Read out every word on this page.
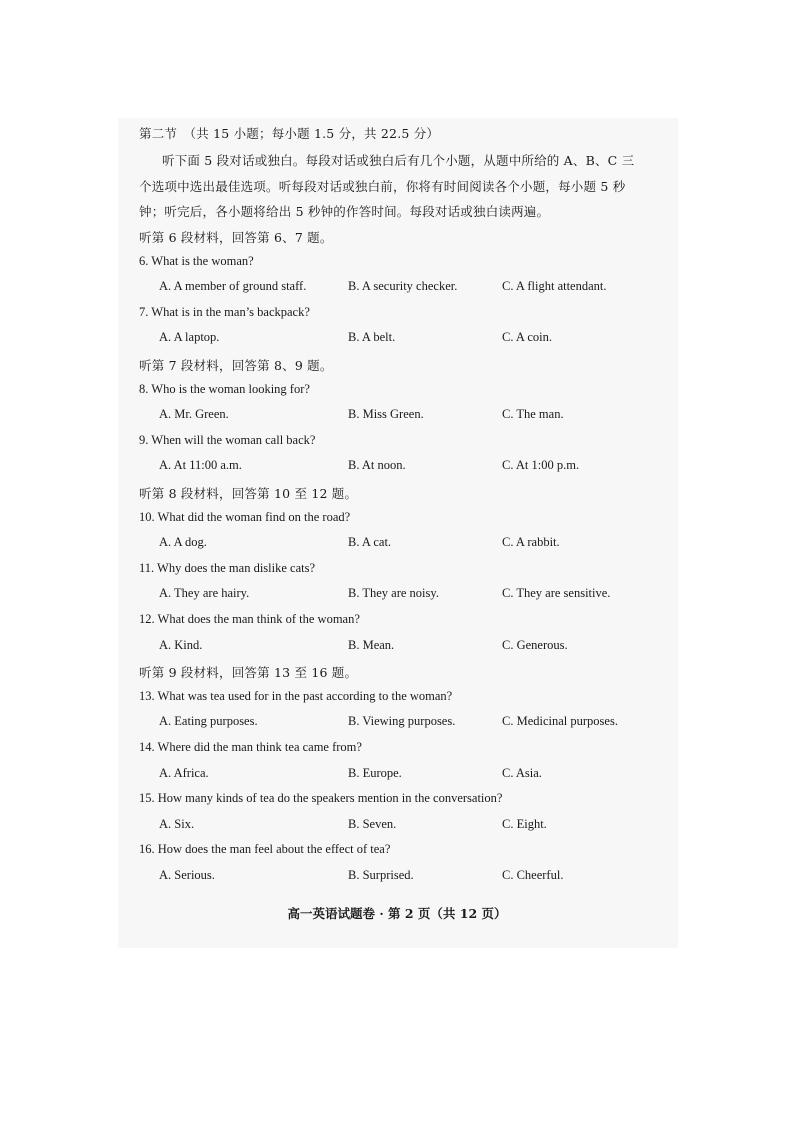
第二节　（共 15 小题；每小题 1.5 分，共 22.5 分）
听下面 5 段对话或独白。每段对话或独白后有几个小题，从题中所给的 A、B、C 三
个选项中选出最佳选项。听每段对话或独白前，你将有时间阅读各个小题，每小题 5 秒
钟；听完后，各小题将给出 5 秒钟的作答时间。每段对话或独白读两遍。
听第 6 段材料，回答第 6、7 题。
6. What is the woman?
A. A member of ground staff.	B. A security checker.	C. A flight attendant.
7. What is in the man’s backpack?
A. A laptop.	B. A belt.	C. A coin.
听第 7 段材料，回答第 8、9 题。
8. Who is the woman looking for?
A. Mr. Green.	B. Miss Green.	C. The man.
9. When will the woman call back?
A. At 11:00 a.m.	B. At noon.	C. At 1:00 p.m.
听第 8 段材料，回答第 10 至 12 题。
10. What did the woman find on the road?
A. A dog.	B. A cat.	C. A rabbit.
11. Why does the man dislike cats?
A. They are hairy.	B. They are noisy.	C. They are sensitive.
12. What does the man think of the woman?
A. Kind.	B. Mean.	C. Generous.
听第 9 段材料，回答第 13 至 16 题。
13. What was tea used for in the past according to the woman?
A. Eating purposes.	B. Viewing purposes.	C. Medicinal purposes.
14. Where did the man think tea came from?
A. Africa.	B. Europe.	C. Asia.
15. How many kinds of tea do the speakers mention in the conversation?
A. Six.	B. Seven.	C. Eight.
16. How does the man feel about the effect of tea?
A. Serious.	B. Surprised.	C. Cheerful.
高一英语试题卷 · 第 2 页（共 12 页）
